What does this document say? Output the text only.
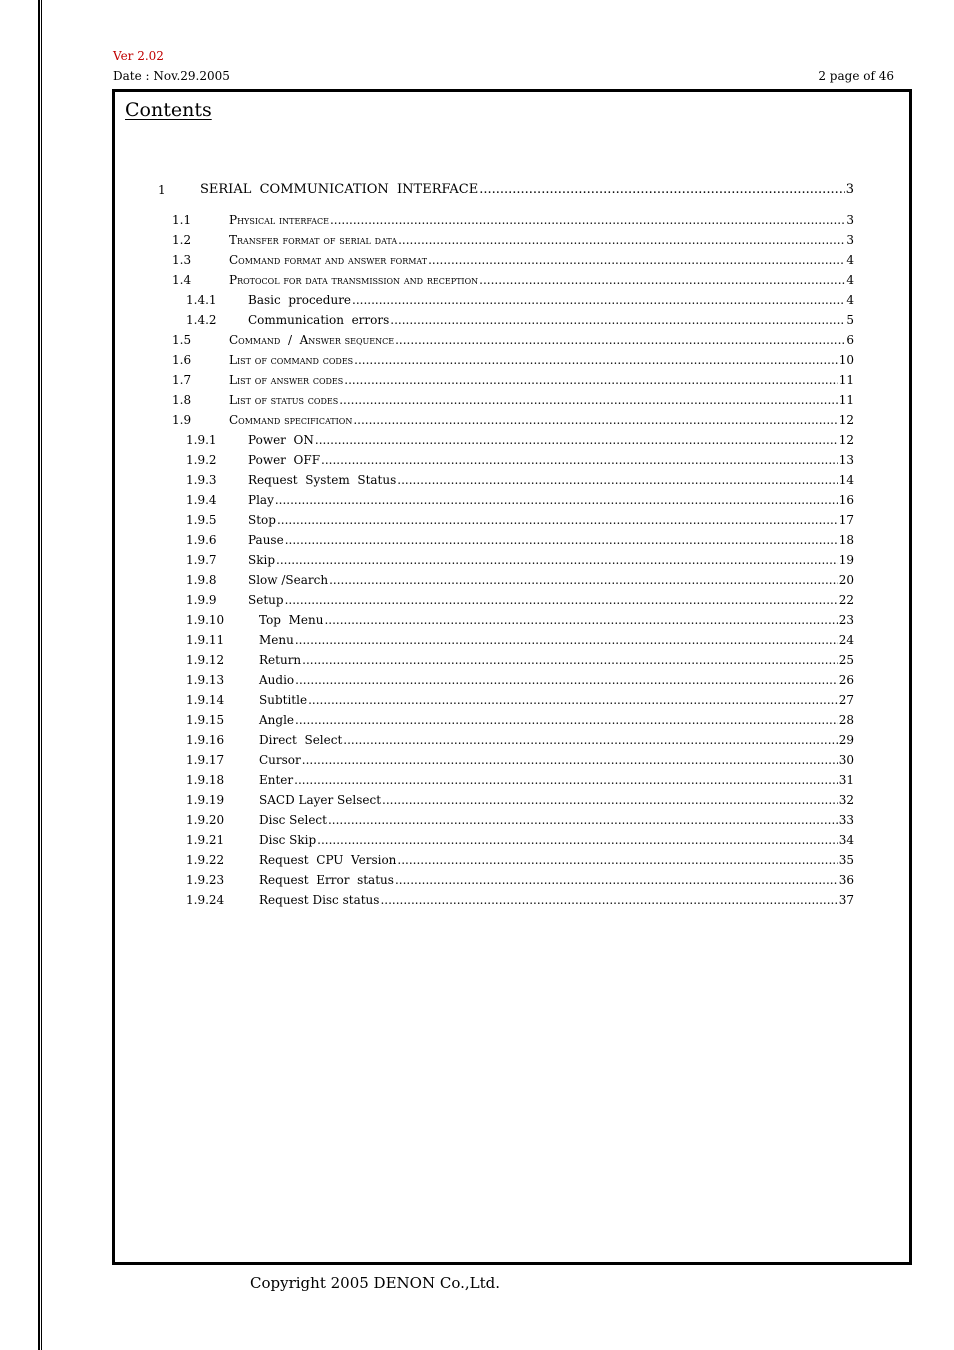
Ver 2.02
Date : Nov.29.2005	2 page of 46
Contents
1	SERIAL  COMMUNICATION  INTERFACE .....	3
1.1	Physical interface .....	3
1.2	Transfer format of serial data .....	3
1.3	Command format and answer format .....	4
1.4	Protocol for data transmission and reception .....	4
1.4.1	Basic  procedure .....	4
1.4.2	Communication  errors .....	5
1.5	Command  /  Answer sequence .....	6
1.6	List of command codes .....	10
1.7	List of answer codes .....	11
1.8	List of status codes .....	11
1.9	Command specification .....	12
1.9.1	Power  ON .....	12
1.9.2	Power  OFF .....	13
1.9.3	Request  System  Status .....	14
1.9.4	Play .....	16
1.9.5	Stop .....	17
1.9.6	Pause .....	18
1.9.7	Skip .....	19
1.9.8	Slow /Search .....	20
1.9.9	Setup .....	22
1.9.10	Top  Menu .....	23
1.9.11	Menu .....	24
1.9.12	Return .....	25
1.9.13	Audio .....	26
1.9.14	Subtitle .....	27
1.9.15	Angle .....	28
1.9.16	Direct  Select .....	29
1.9.17	Cursor .....	30
1.9.18	Enter .....	31
1.9.19	SACD Layer Selsect .....	32
1.9.20	Disc Select .....	33
1.9.21	Disc Skip .....	34
1.9.22	Request  CPU  Version .....	35
1.9.23	Request  Error  status .....	36
1.9.24	Request Disc status .....	37
Copyright 2005 DENON Co.,Ltd.
